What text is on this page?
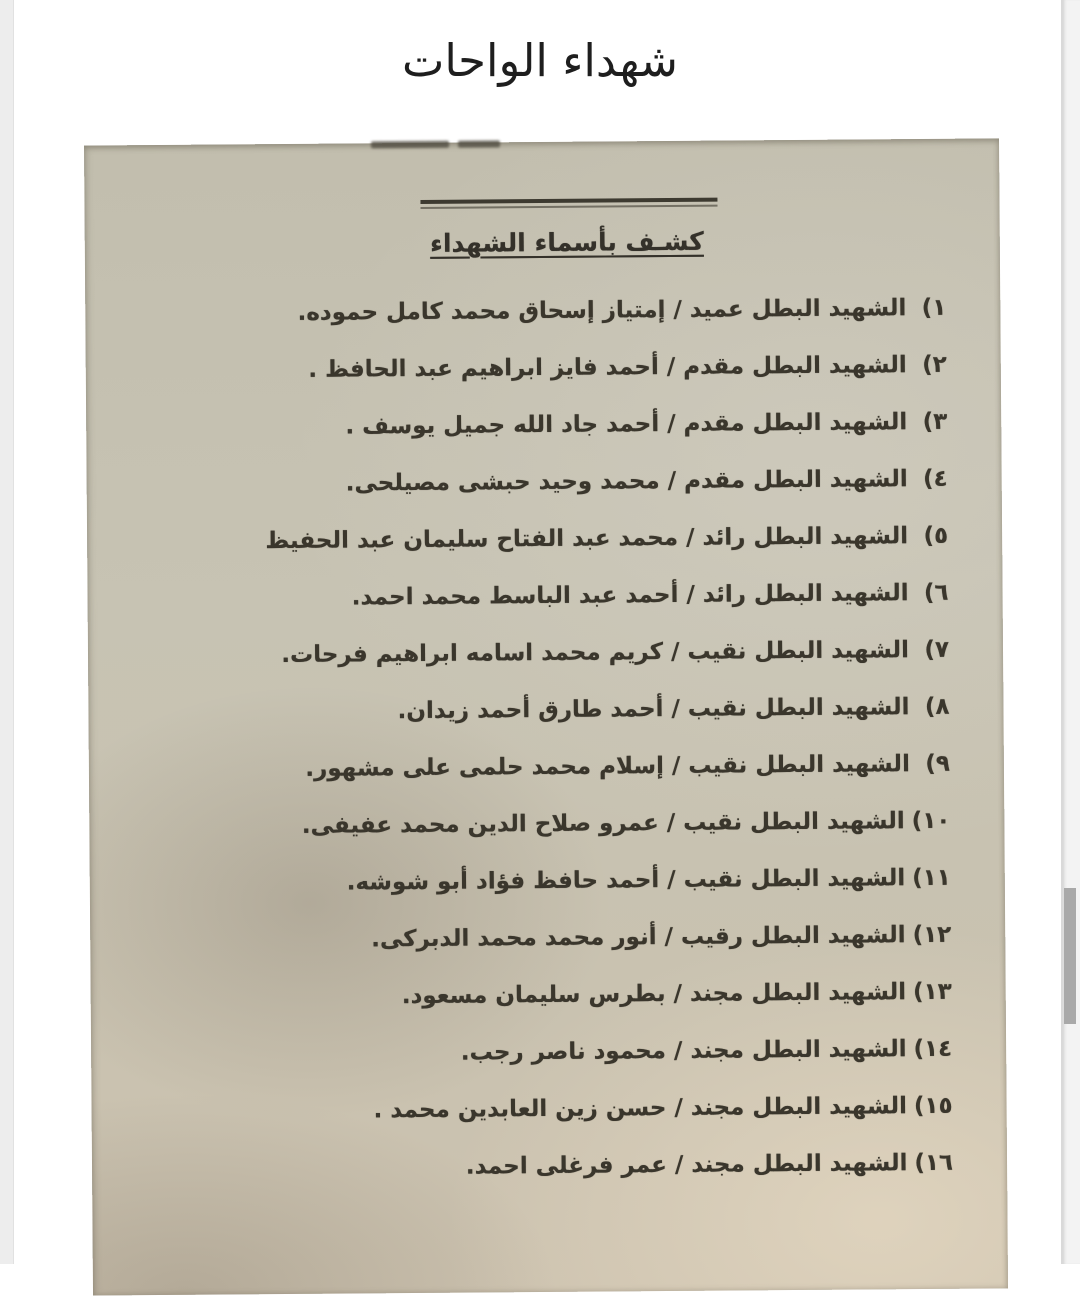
شهداء الواحات
كشـف بأسماء الشهداء
١)
الشهيد البطل عميد / إمتياز إسحاق محمد كامل حموده.
٢)
الشهيد البطل مقدم / أحمد فايز ابراهيم عبد الحافظ .
٣)
الشهيد البطل مقدم / أحمد جاد الله جميل يوسف .
٤)
الشهيد البطل مقدم / محمد وحيد حبشى مصيلحى.
٥)
الشهيد البطل رائد / محمد عبد الفتاح سليمان عبد الحفيظ
٦)
الشهيد البطل رائد / أحمد عبد الباسط محمد احمد.
٧)
الشهيد البطل نقيب / كريم محمد اسامه ابراهيم فرحات.
٨)
الشهيد البطل نقيب / أحمد طارق أحمد زيدان.
٩)
الشهيد البطل نقيب / إسلام محمد حلمى على مشهور.
١٠)
الشهيد البطل نقيب / عمرو صلاح الدين محمد عفيفى.
١١)
الشهيد البطل نقيب / أحمد حافظ فؤاد أبو شوشه.
١٢)
الشهيد البطل رقيب / أنور محمد محمد الدبركى.
١٣)
الشهيد البطل مجند / بطرس سليمان مسعود.
١٤)
الشهيد البطل مجند / محمود ناصر رجب.
١٥)
الشهيد البطل مجند / حسن زين العابدين محمد .
١٦)
الشهيد البطل مجند / عمر فرغلى احمد.
